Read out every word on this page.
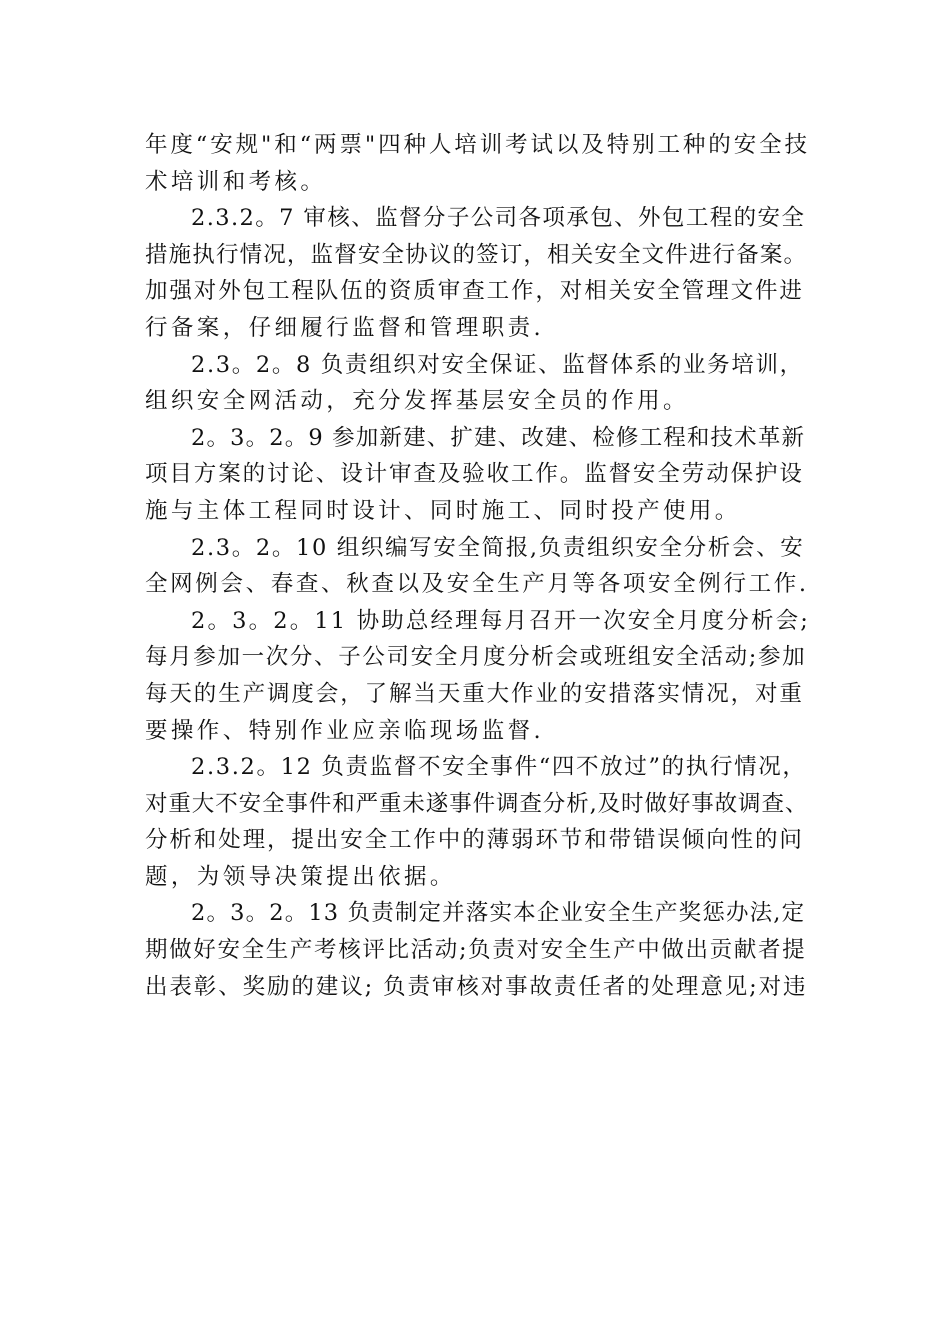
年度“安规"和“两票"四种人培训考试以及特别工种的安全技
术培训和考核。
2.3.2。7 审核、监督分子公司各项承包、外包工程的安全
措施执行情况，监督安全协议的签订，相关安全文件进行备案。
加强对外包工程队伍的资质审查工作，对相关安全管理文件进
行备案，仔细履行监督和管理职责.
2.3。2。8 负责组织对安全保证、监督体系的业务培训，
组织安全网活动，充分发挥基层安全员的作用。
2。3。2。9 参加新建、扩建、改建、检修工程和技术革新
项目方案的讨论、设计审查及验收工作。监督安全劳动保护设
施与主体工程同时设计、同时施工、同时投产使用。
2.3。2。10 组织编写安全简报,负责组织安全分析会、安
全网例会、春查、秋查以及安全生产月等各项安全例行工作.
2。3。2。11 协助总经理每月召开一次安全月度分析会;
每月参加一次分、子公司安全月度分析会或班组安全活动;参加
每天的生产调度会，了解当天重大作业的安措落实情况，对重
要操作、特别作业应亲临现场监督.
2.3.2。12 负责监督不安全事件“四不放过”的执行情况，
对重大不安全事件和严重未遂事件调查分析,及时做好事故调查、
分析和处理，提出安全工作中的薄弱环节和带错误倾向性的问
题，为领导决策提出依据。
2。3。2。13 负责制定并落实本企业安全生产奖惩办法,定
期做好安全生产考核评比活动;负责对安全生产中做出贡献者提
出表彰、奖励的建议; 负责审核对事故责任者的处理意见;对违
